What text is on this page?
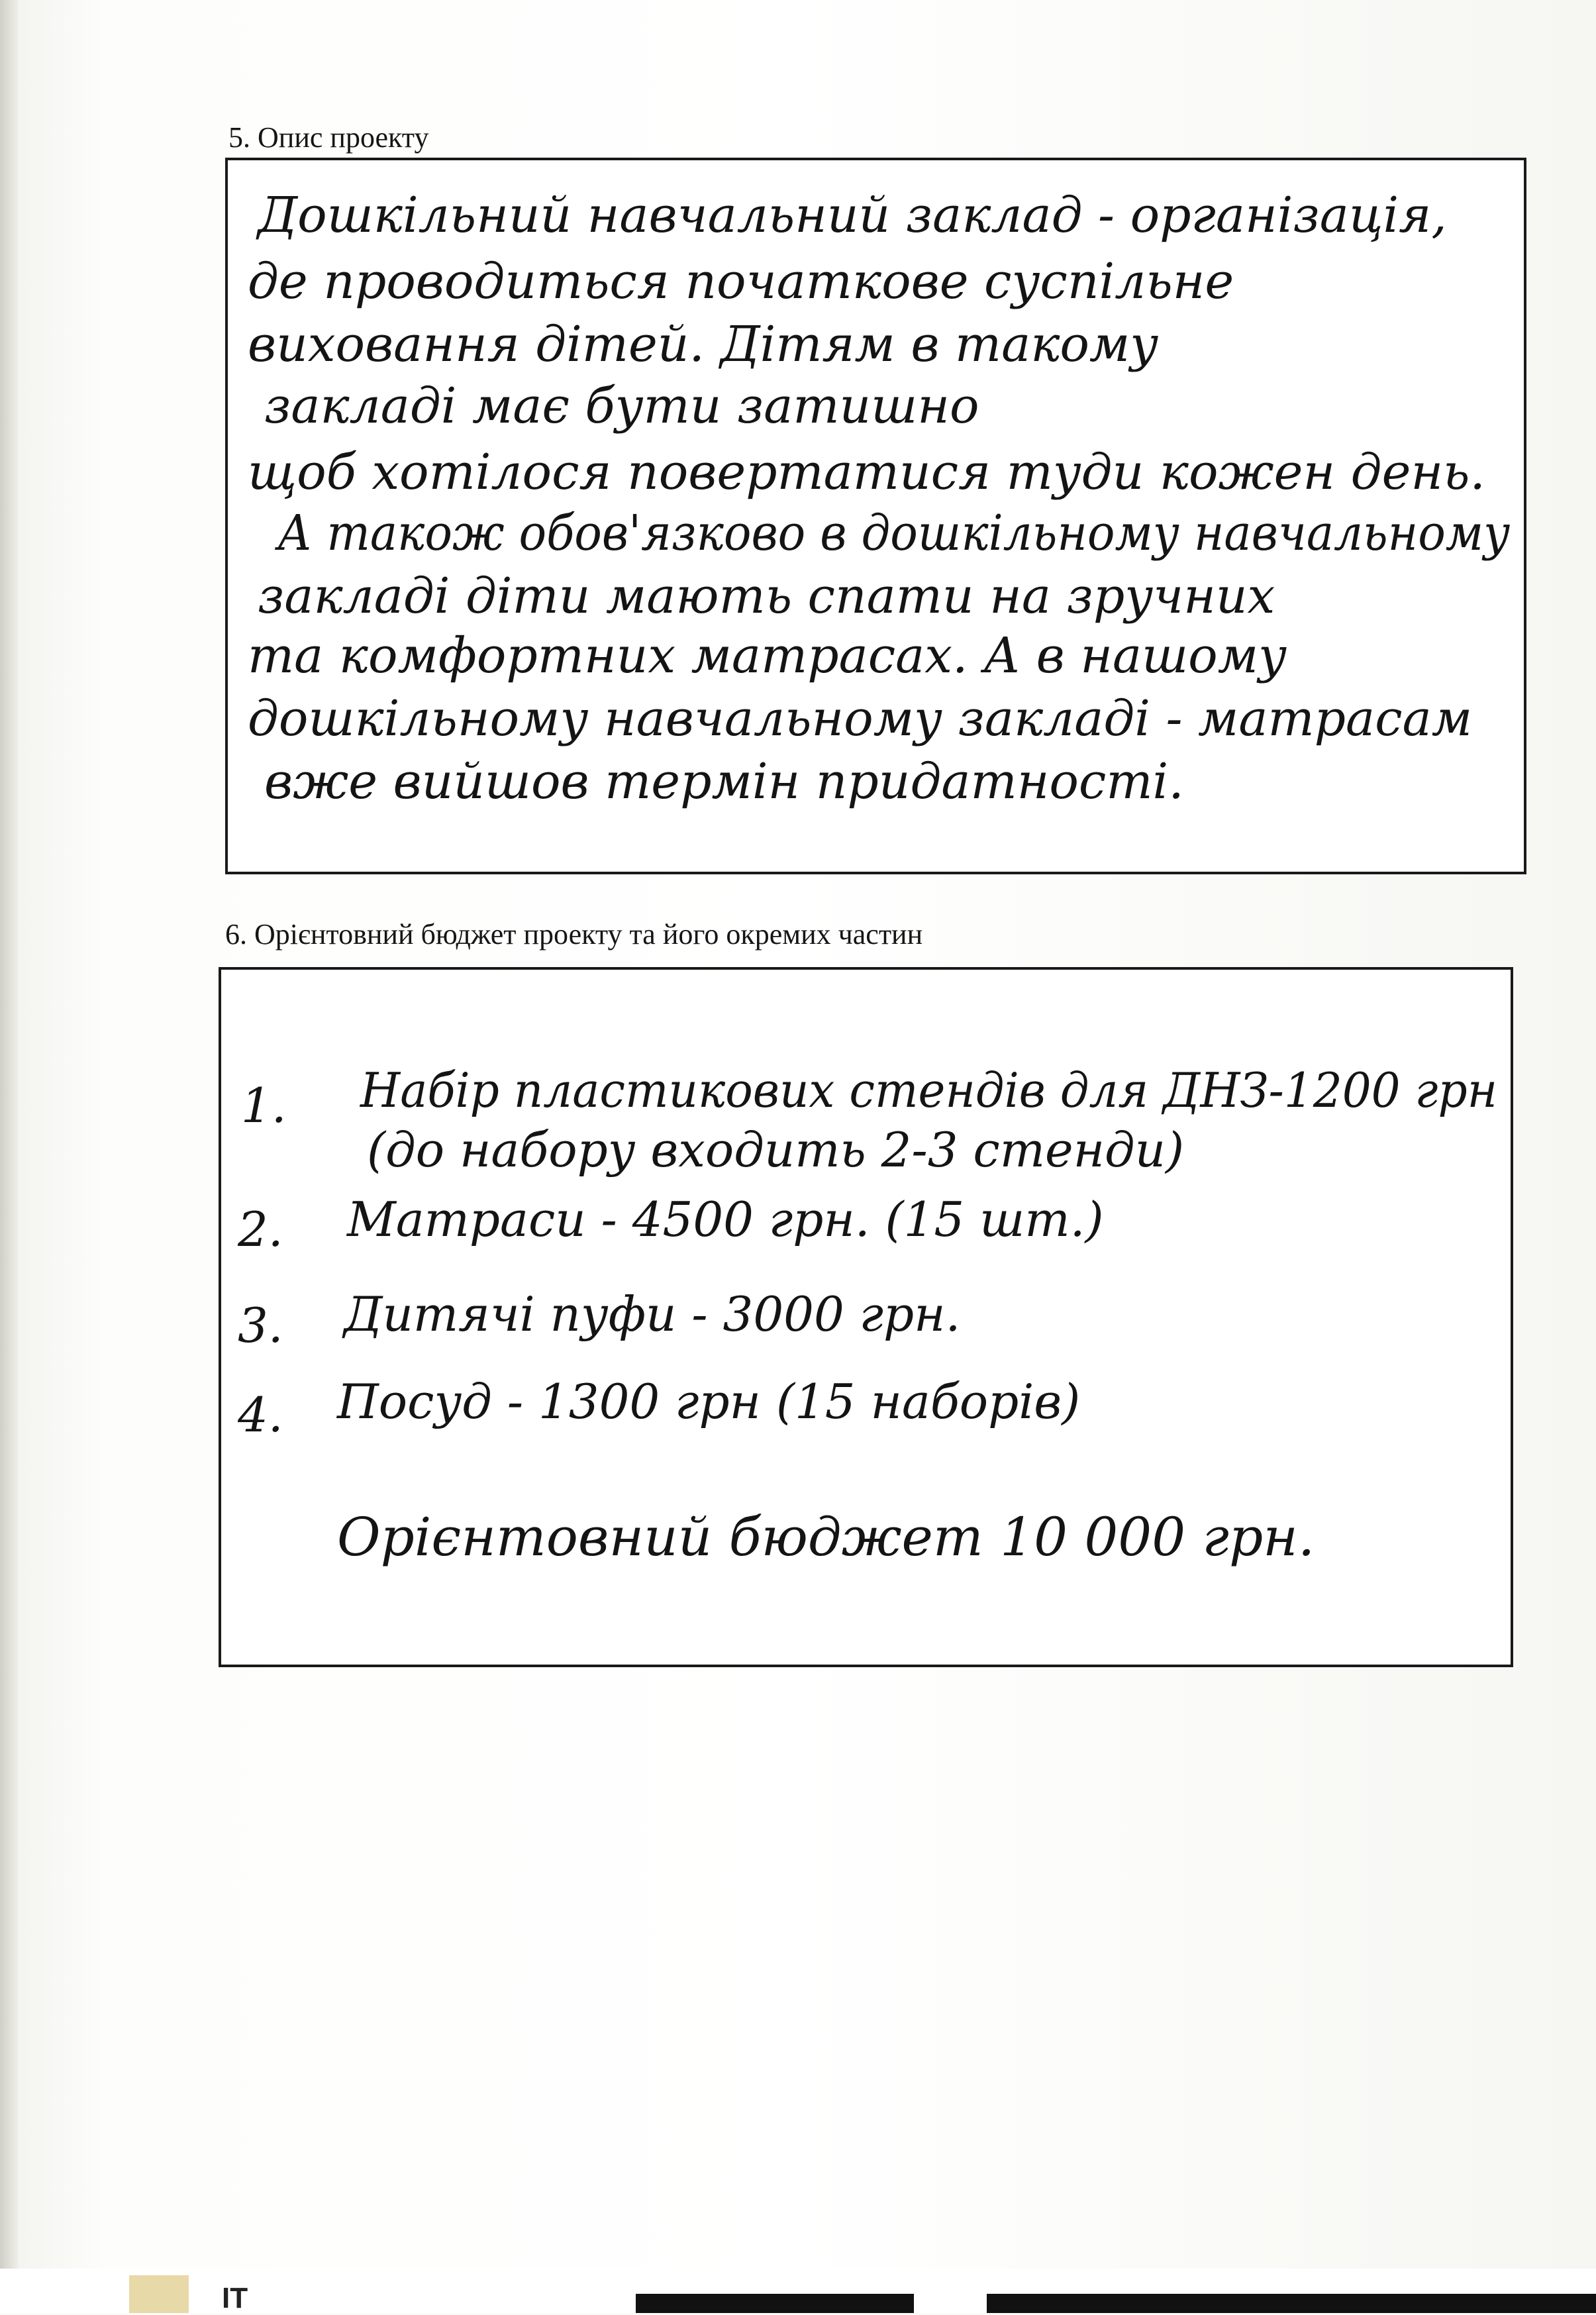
5. Опис проекту
Дошкільний навчальний заклад - організація,
де проводиться початкове суспільне
виховання дітей. Дітям в такому
закладі має бути затишно
щоб хотілося повертатися туди кожен день.
А також обов'язково в дошкільному навчальному
закладі діти мають спати на зручних
та комфортних матрасах. А в нашому
дошкільному навчальному закладі - матрасам
вже вийшов термін придатності.
6. Орієнтовний бюджет проекту та його окремих частин
1. Набір пластикових стендів для ДНЗ-1200 грн
(до набору входить 2-3 стенди)
2. Матраси - 4500 грн. (15 шт.)
3. Дитячі пуфи - 3000 грн.
4. Посуд - 1300 грн (15 наборів)
Орієнтовний бюджет 10 000 грн.
IT
